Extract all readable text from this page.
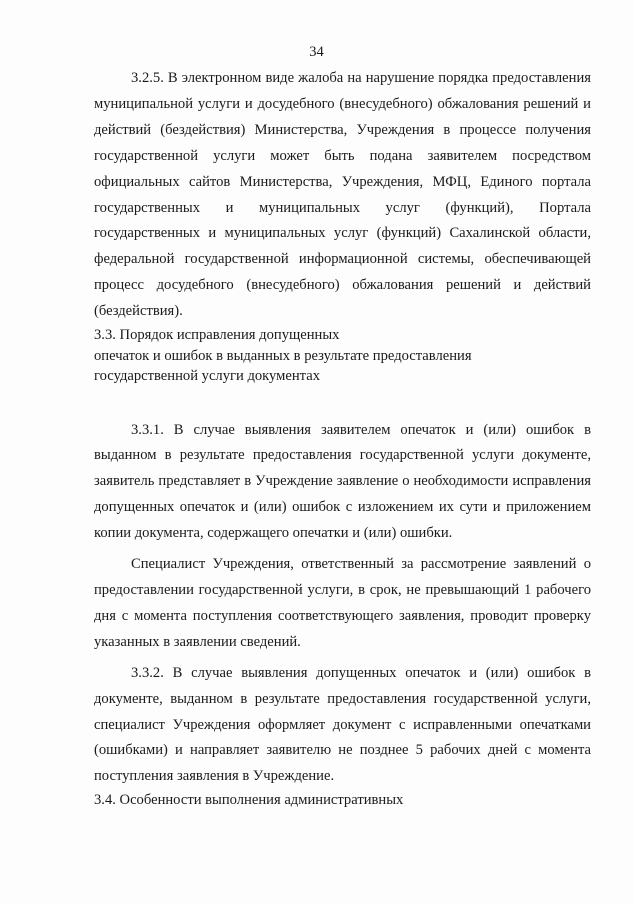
34

3.2.5. В электронном виде жалоба на нарушение порядка предоставления муниципальной услуги и досудебного (внесудебного) обжалования решений и действий (бездействия) Министерства, Учреждения в процессе получения государственной услуги может быть подана заявителем посредством официальных сайтов Министерства, Учреждения, МФЦ, Единого портала государственных и муниципальных услуг (функций), Портала государственных и муниципальных услуг (функций) Сахалинской области, федеральной государственной информационной системы, обеспечивающей процесс досудебного (внесудебного) обжалования решений и действий (бездействия).

3.3. Порядок исправления допущенных
опечаток и ошибок в выданных в результате предоставления
государственной услуги документах

3.3.1. В случае выявления заявителем опечаток и (или) ошибок в выданном в результате предоставления государственной услуги документе, заявитель представляет в Учреждение заявление о необходимости исправления допущенных опечаток и (или) ошибок с изложением их сути и приложением копии документа, содержащего опечатки и (или) ошибки.

Специалист Учреждения, ответственный за рассмотрение заявлений о предоставлении государственной услуги, в срок, не превышающий 1 рабочего дня с момента поступления соответствующего заявления, проводит проверку указанных в заявлении сведений.

3.3.2. В случае выявления допущенных опечаток и (или) ошибок в документе, выданном в результате предоставления государственной услуги, специалист Учреждения оформляет документ с исправленными опечатками (ошибками) и направляет заявителю не позднее 5 рабочих дней с момента поступления заявления в Учреждение.

3.4. Особенности выполнения административных
